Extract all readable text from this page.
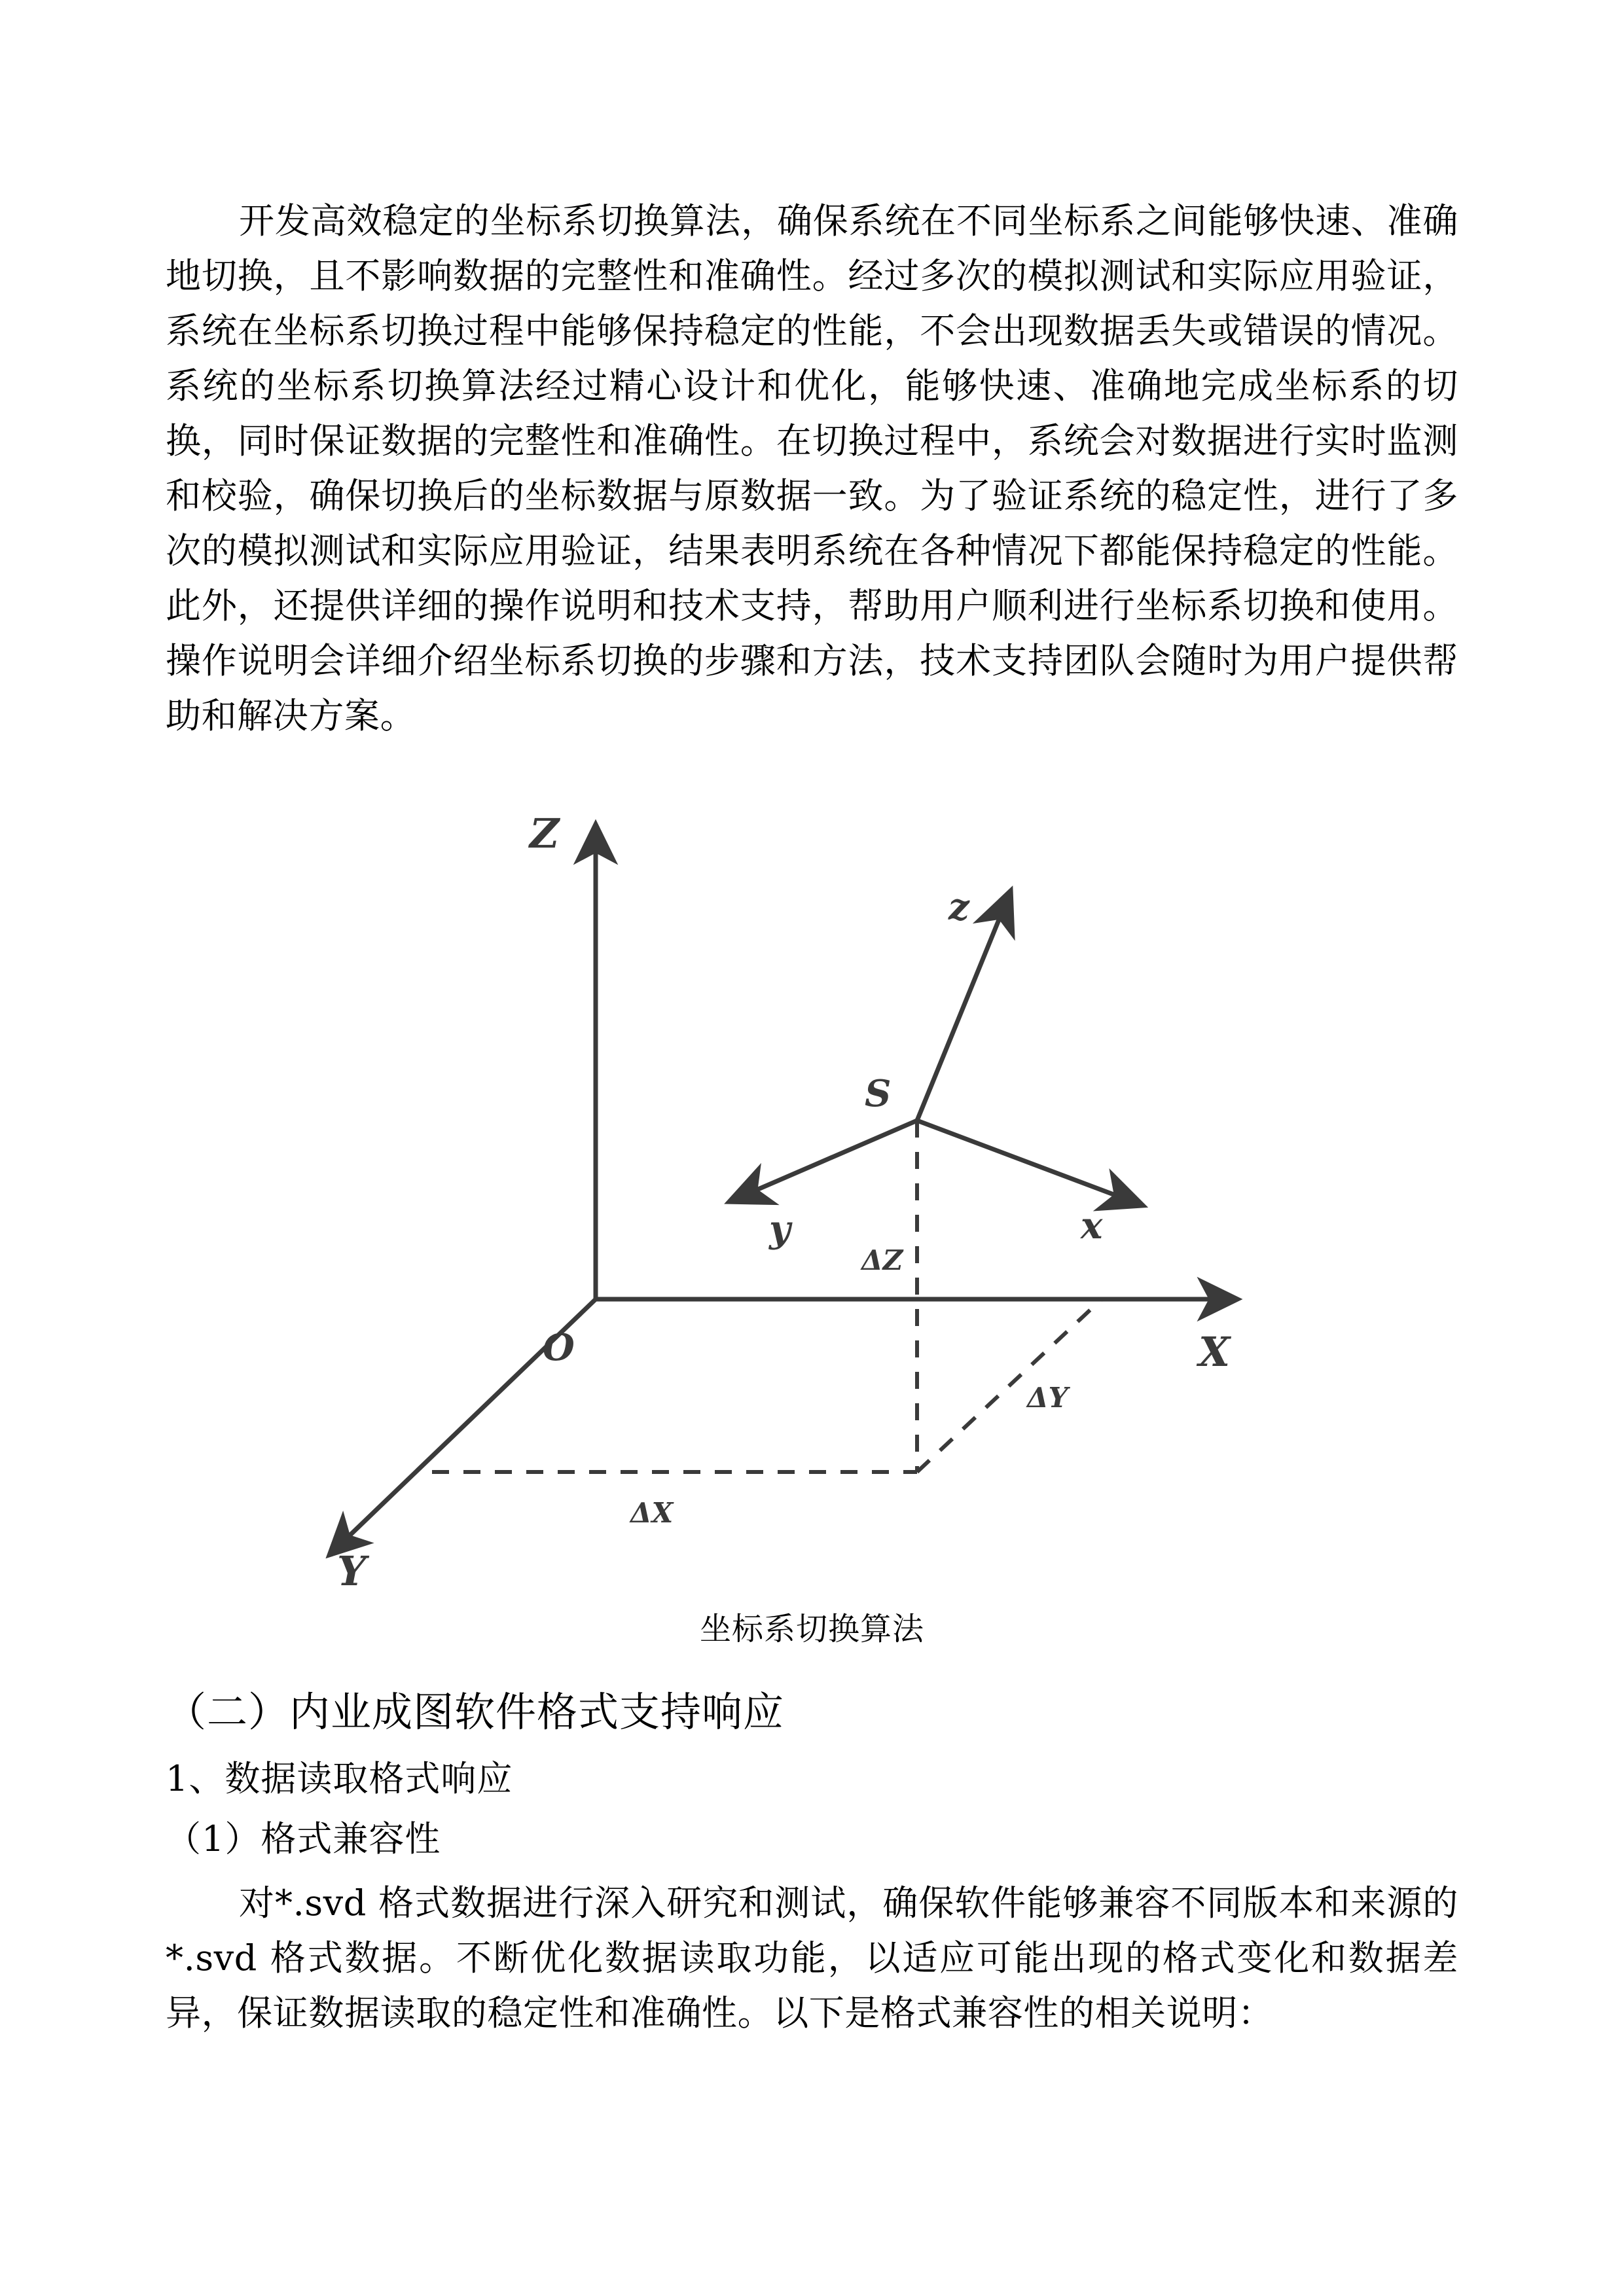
开发高效稳定的坐标系切换算法，确保系统在不同坐标系之间能够快速、准确地切换，且不影响数据的完整性和准确性。经过多次的模拟测试和实际应用验证，系统在坐标系切换过程中能够保持稳定的性能，不会出现数据丢失或错误的情况。系统的坐标系切换算法经过精心设计和优化，能够快速、准确地完成坐标系的切换，同时保证数据的完整性和准确性。在切换过程中，系统会对数据进行实时监测和校验，确保切换后的坐标数据与原数据一致。为了验证系统的稳定性，进行了多次的模拟测试和实际应用验证，结果表明系统在各种情况下都能保持稳定的性能。此外，还提供详细的操作说明和技术支持，帮助用户顺利进行坐标系切换和使用。操作说明会详细介绍坐标系切换的步骤和方法，技术支持团队会随时为用户提供帮助和解决方案。

Z
X
Y
O
z
x
y
S
ΔZ
ΔX
ΔY
坐标系切换算法
（二）内业成图软件格式支持响应
1、数据读取格式响应
（1）格式兼容性

对*.svd 格式数据进行深入研究和测试，确保软件能够兼容不同版本和来源的*.svd 格式数据。不断优化数据读取功能，以适应可能出现的格式变化和数据差异，保证数据读取的稳定性和准确性。以下是格式兼容性的相关说明：
